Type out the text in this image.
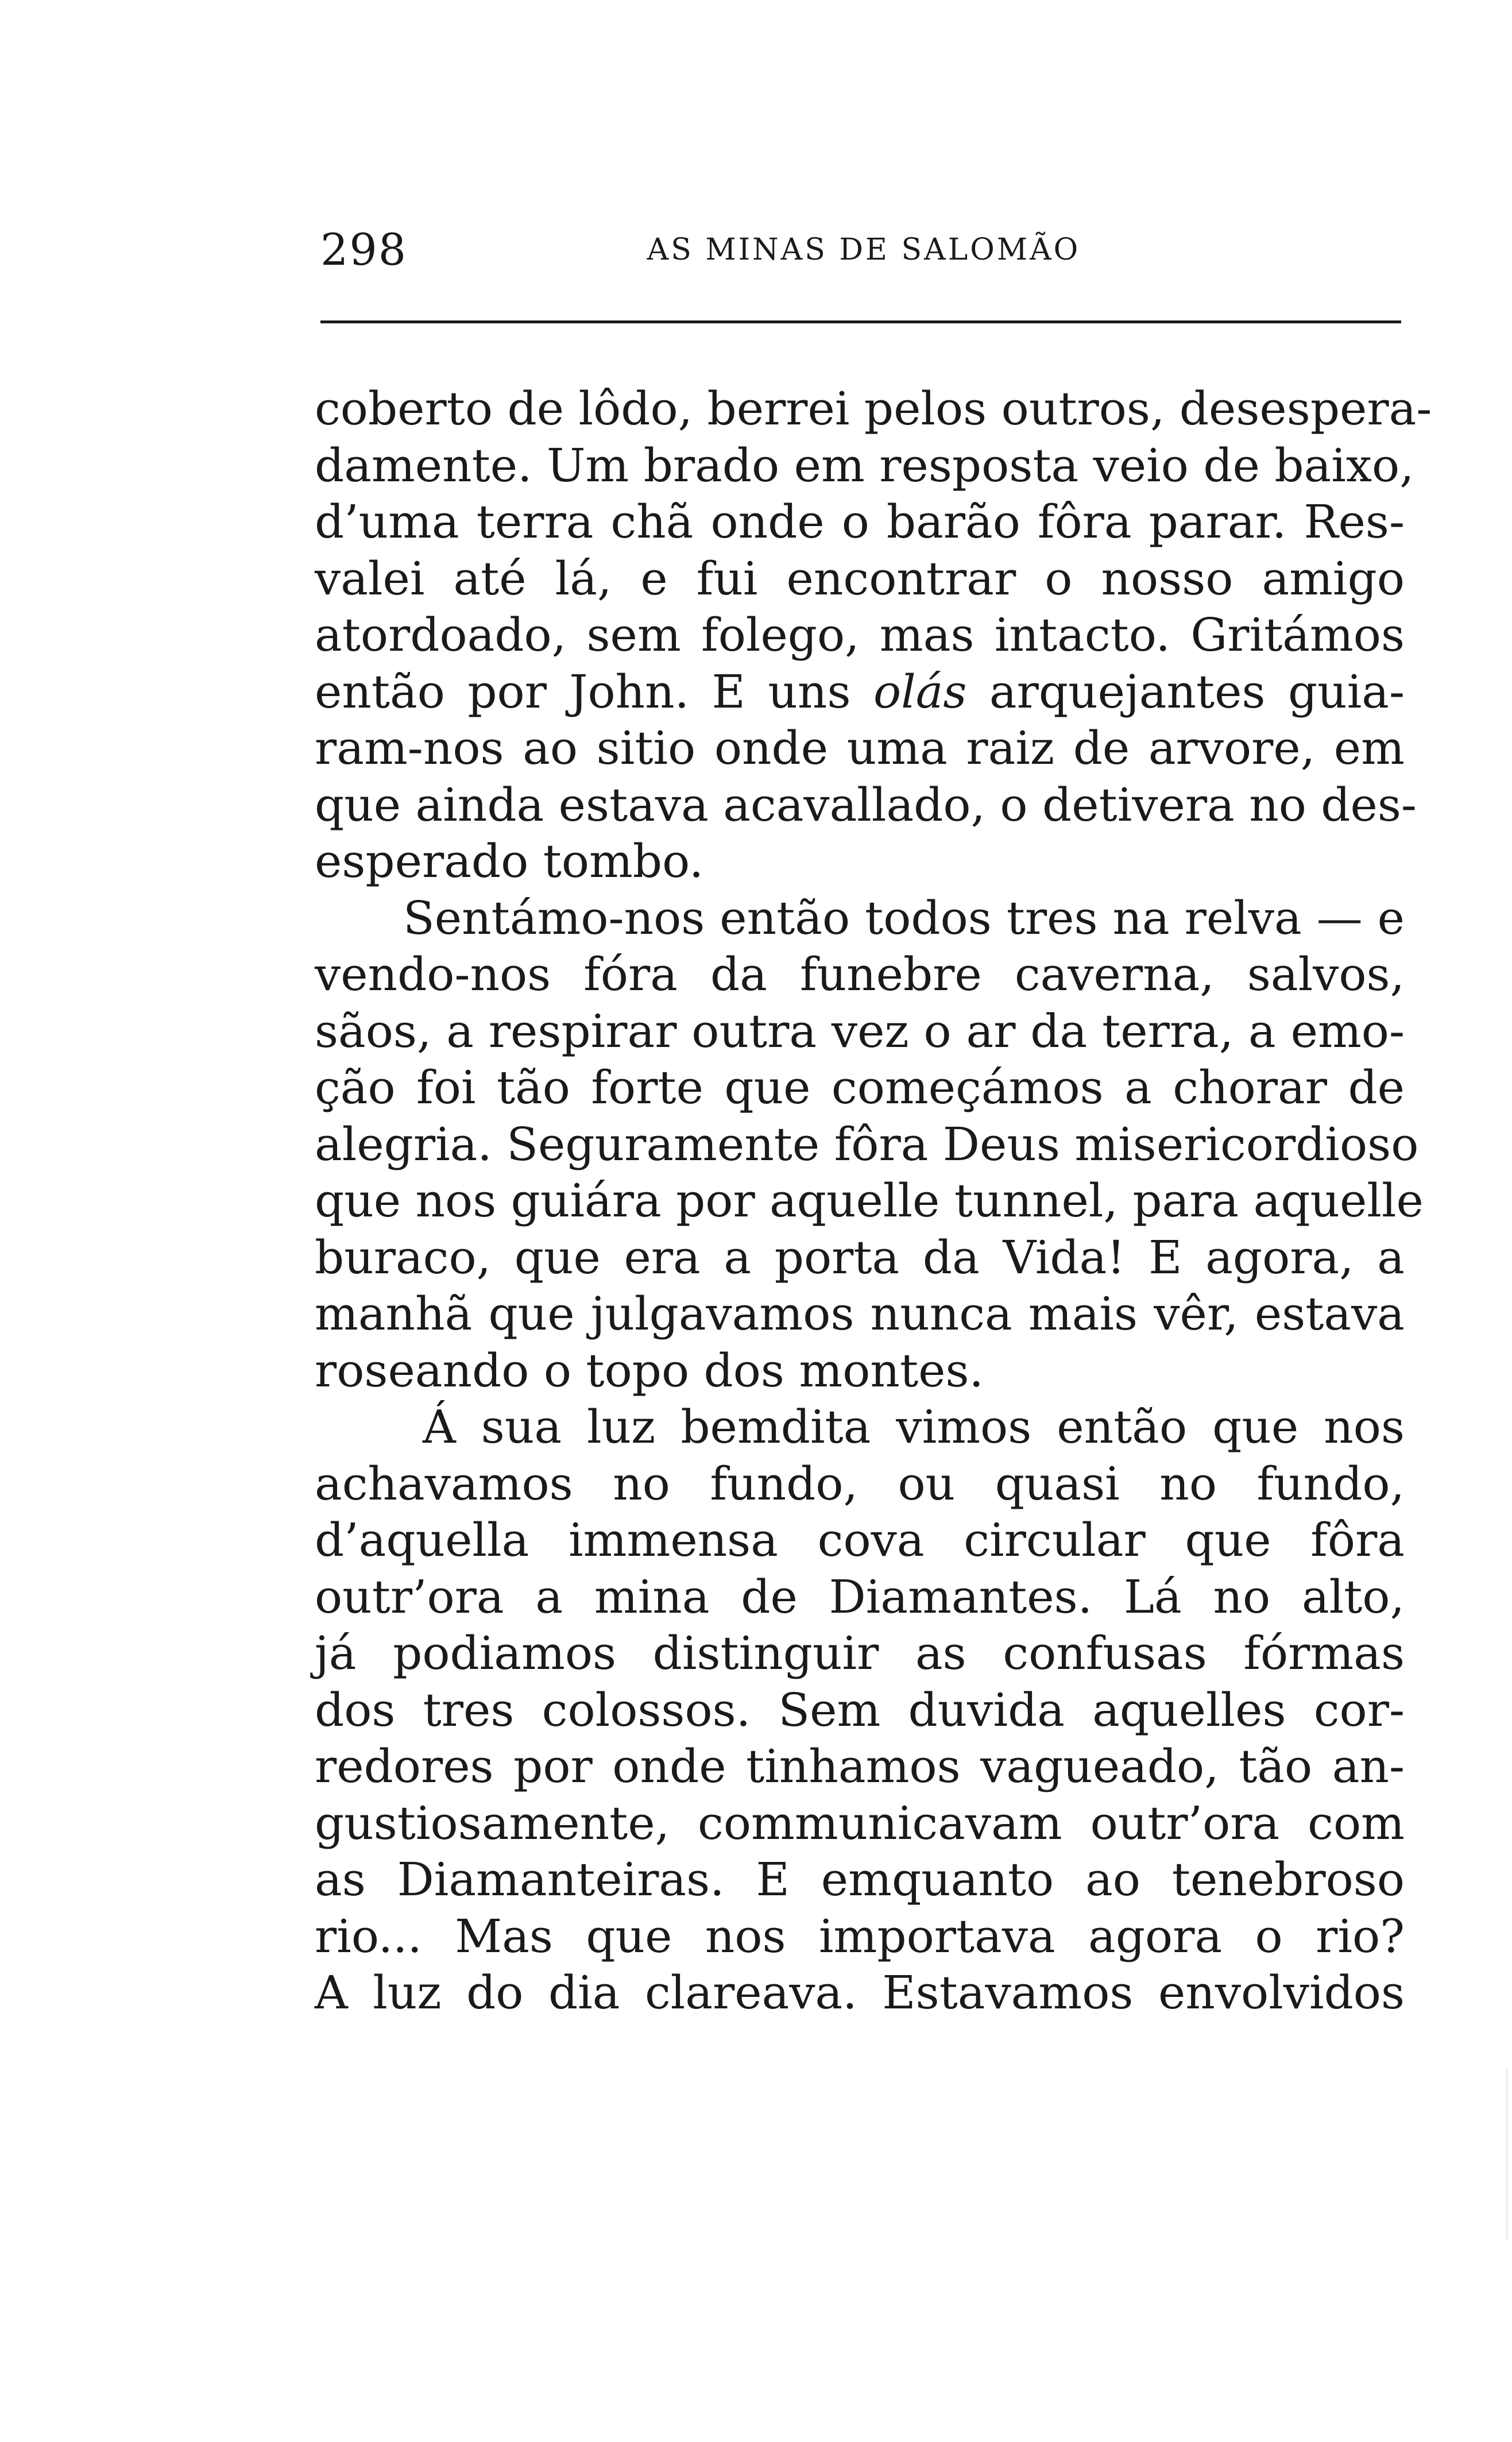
298	AS MINAS DE SALOMÃO
coberto de lôdo, berrei pelos outros, desespera-
damente. Um brado em resposta veio de baixo,
d’uma terra chã onde o barão fôra parar. Res-
valei até lá, e fui encontrar o nosso amigo
atordoado, sem folego, mas intacto. Gritámos
então por John. E uns olás arquejantes guia-
ram-nos ao sitio onde uma raiz de arvore, em
que ainda estava acavallado, o detivera no des-
esperado tombo.
Sentámo-nos então todos tres na relva — e
vendo-nos fóra da funebre caverna, salvos,
sãos, a respirar outra vez o ar da terra, a emo-
ção foi tão forte que começámos a chorar de
alegria. Seguramente fôra Deus misericordioso
que nos guiára por aquelle tunnel, para aquelle
buraco, que era a porta da Vida! E agora, a
manhã que julgavamos nunca mais vêr, estava
roseando o topo dos montes.
Á sua luz bemdita vimos então que nos
achavamos no fundo, ou quasi no fundo,
d’aquella immensa cova circular que fôra
outr’ora a mina de Diamantes. Lá no alto,
já podiamos distinguir as confusas fórmas
dos tres colossos. Sem duvida aquelles cor-
redores por onde tinhamos vagueado, tão an-
gustiosamente, communicavam outr’ora com
as Diamanteiras. E emquanto ao tenebroso
rio... Mas que nos importava agora o rio?
A luz do dia clareava. Estavamos envolvidos
